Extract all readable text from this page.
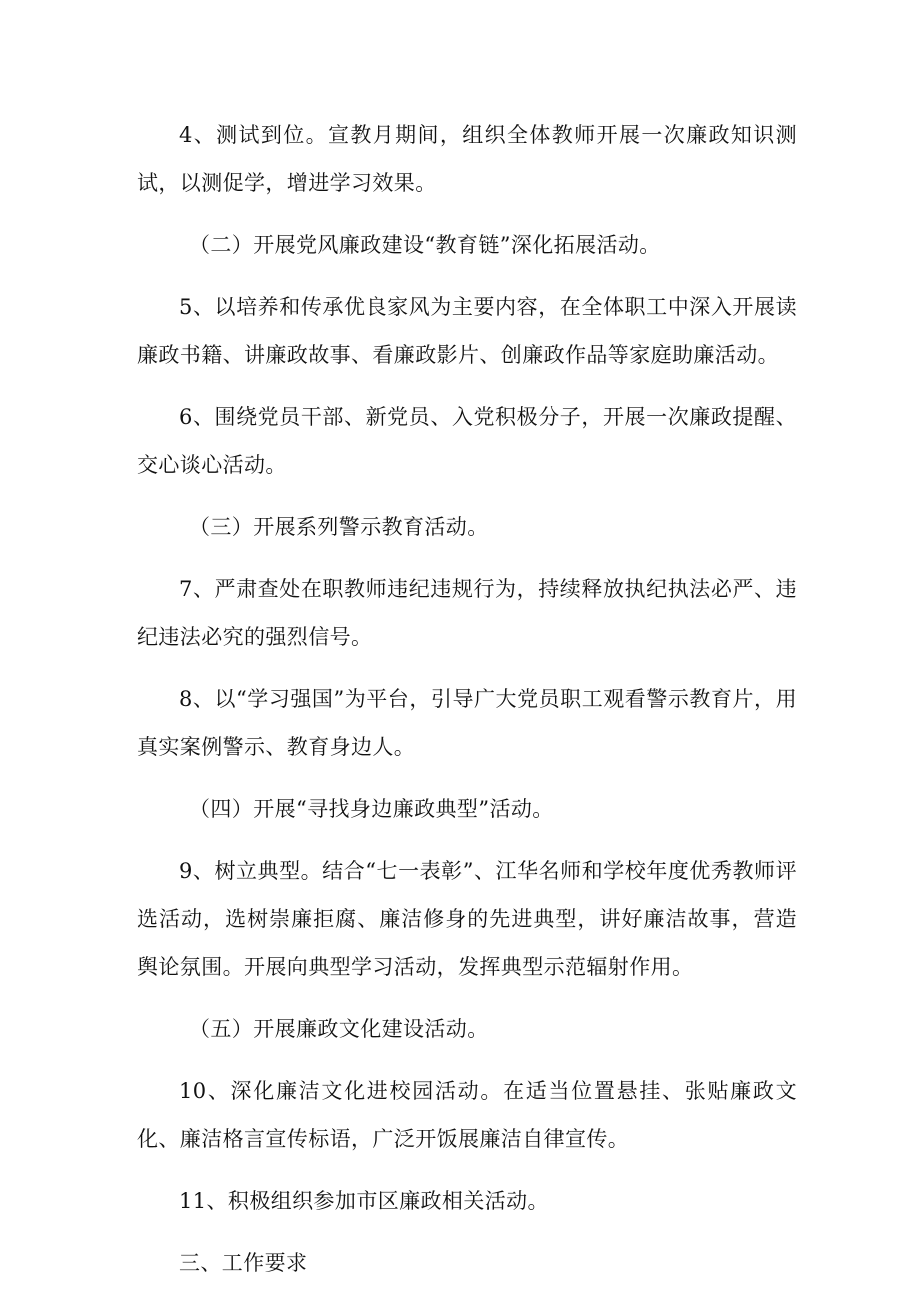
4、测试到位。宣教月期间，组织全体教师开展一次廉政知识测试，以测促学，增进学习效果。

（二）开展党风廉政建设“教育链”深化拓展活动。

5、以培养和传承优良家风为主要内容，在全体职工中深入开展读廉政书籍、讲廉政故事、看廉政影片、创廉政作品等家庭助廉活动。

6、围绕党员干部、新党员、入党积极分子，开展一次廉政提醒、交心谈心活动。

（三）开展系列警示教育活动。

7、严肃查处在职教师违纪违规行为，持续释放执纪执法必严、违纪违法必究的强烈信号。

8、以“学习强国”为平台，引导广大党员职工观看警示教育片，用真实案例警示、教育身边人。

（四）开展“寻找身边廉政典型”活动。

9、树立典型。结合“七一表彰”、江华名师和学校年度优秀教师评选活动，选树崇廉拒腐、廉洁修身的先进典型，讲好廉洁故事，营造舆论氛围。开展向典型学习活动，发挥典型示范辐射作用。

（五）开展廉政文化建设活动。

10、深化廉洁文化进校园活动。在适当位置悬挂、张贴廉政文化、廉洁格言宣传标语，广泛开饭展廉洁自律宣传。

11、积极组织参加市区廉政相关活动。

三、工作要求
